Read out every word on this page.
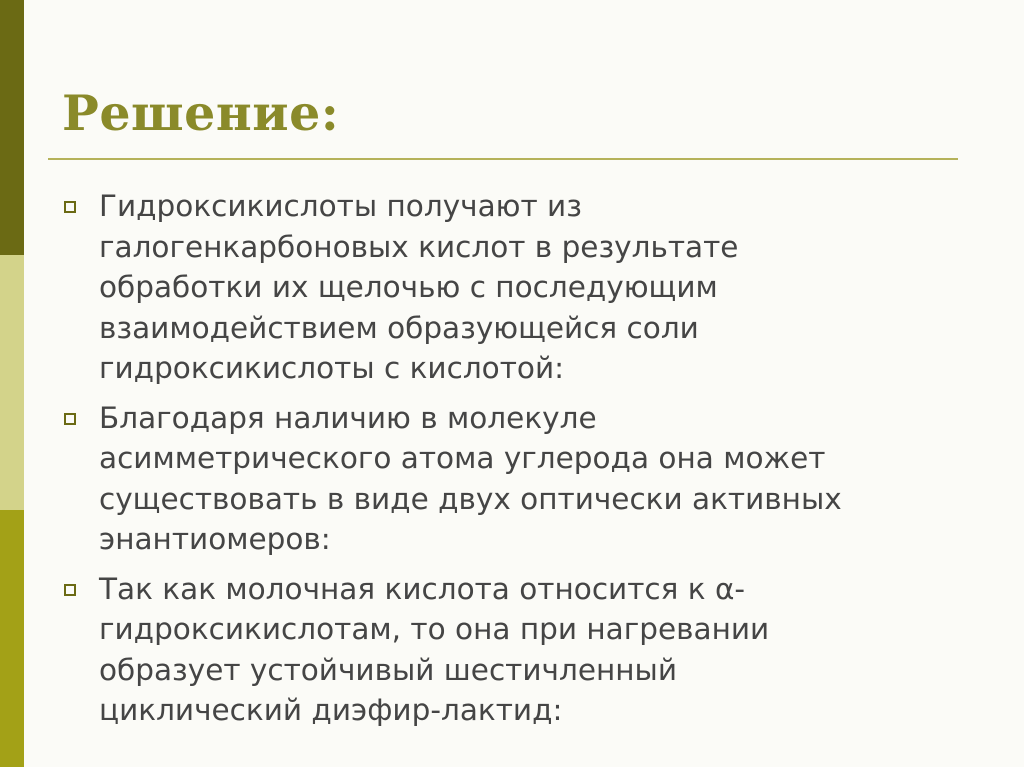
Решение:
Гидроксикислоты получают из
галогенкарбоновых кислот в результате
обработки их щелочью с последующим
взаимодействием образующейся соли
гидроксикислоты с кислотой:
Благодаря наличию в молекуле
асимметрического атома углерода она может
существовать в виде двух оптически активных
энантиомеров:
Так как молочная кислота относится к α-
гидроксикислотам, то она при нагревании
образует устойчивый шестичленный
циклический диэфир-лактид:
